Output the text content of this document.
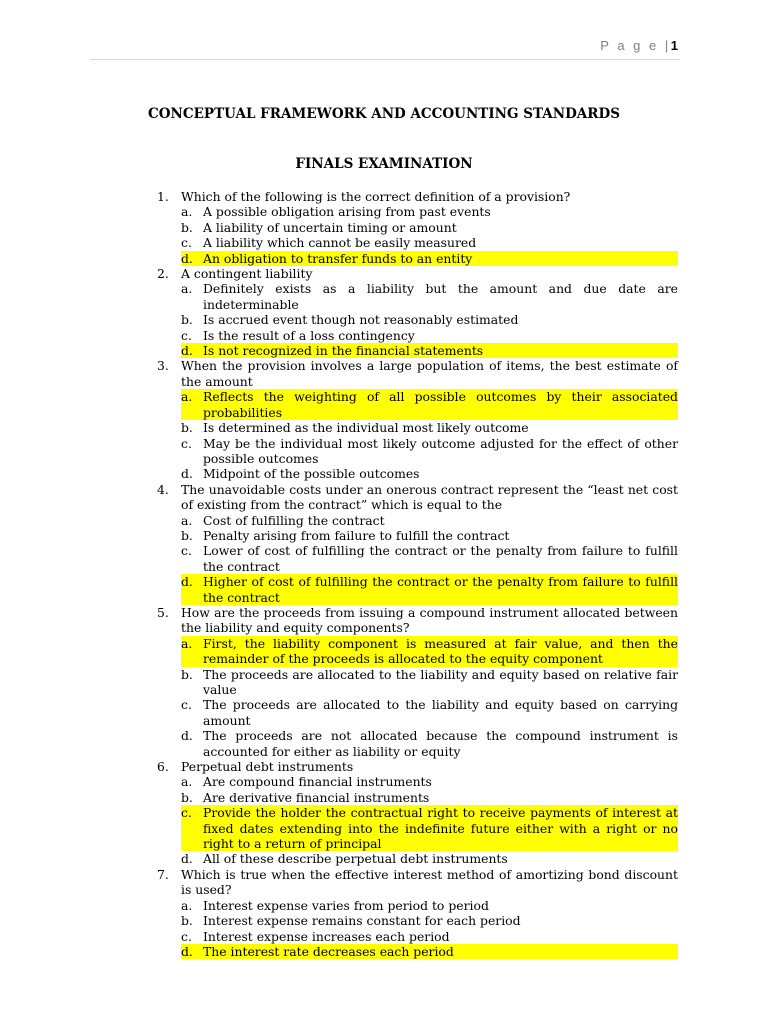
P a g e |1
CONCEPTUAL FRAMEWORK AND ACCOUNTING STANDARDS
FINALS EXAMINATION
1. Which of the following is the correct definition of a provision?
a. A possible obligation arising from past events
b. A liability of uncertain timing or amount
c. A liability which cannot be easily measured
d. An obligation to transfer funds to an entity
2. A contingent liability
a. Definitely exists as a liability but the amount and due date are indeterminable
b. Is accrued event though not reasonably estimated
c. Is the result of a loss contingency
d. Is not recognized in the financial statements
3. When the provision involves a large population of items, the best estimate of the amount
a. Reflects the weighting of all possible outcomes by their associated probabilities
b. Is determined as the individual most likely outcome
c. May be the individual most likely outcome adjusted for the effect of other possible outcomes
d. Midpoint of the possible outcomes
4. The unavoidable costs under an onerous contract represent the “least net cost of existing from the contract” which is equal to the
a. Cost of fulfilling the contract
b. Penalty arising from failure to fulfill the contract
c. Lower of cost of fulfilling the contract or the penalty from failure to fulfill the contract
d. Higher of cost of fulfilling the contract or the penalty from failure to fulfill the contract
5. How are the proceeds from issuing a compound instrument allocated between the liability and equity components?
a. First, the liability component is measured at fair value, and then the remainder of the proceeds is allocated to the equity component
b. The proceeds are allocated to the liability and equity based on relative fair value
c. The proceeds are allocated to the liability and equity based on carrying amount
d. The proceeds are not allocated because the compound instrument is accounted for either as liability or equity
6. Perpetual debt instruments
a. Are compound financial instruments
b. Are derivative financial instruments
c. Provide the holder the contractual right to receive payments of interest at fixed dates extending into the indefinite future either with a right or no right to a return of principal
d. All of these describe perpetual debt instruments
7. Which is true when the effective interest method of amortizing bond discount is used?
a. Interest expense varies from period to period
b. Interest expense remains constant for each period
c. Interest expense increases each period
d. The interest rate decreases each period
